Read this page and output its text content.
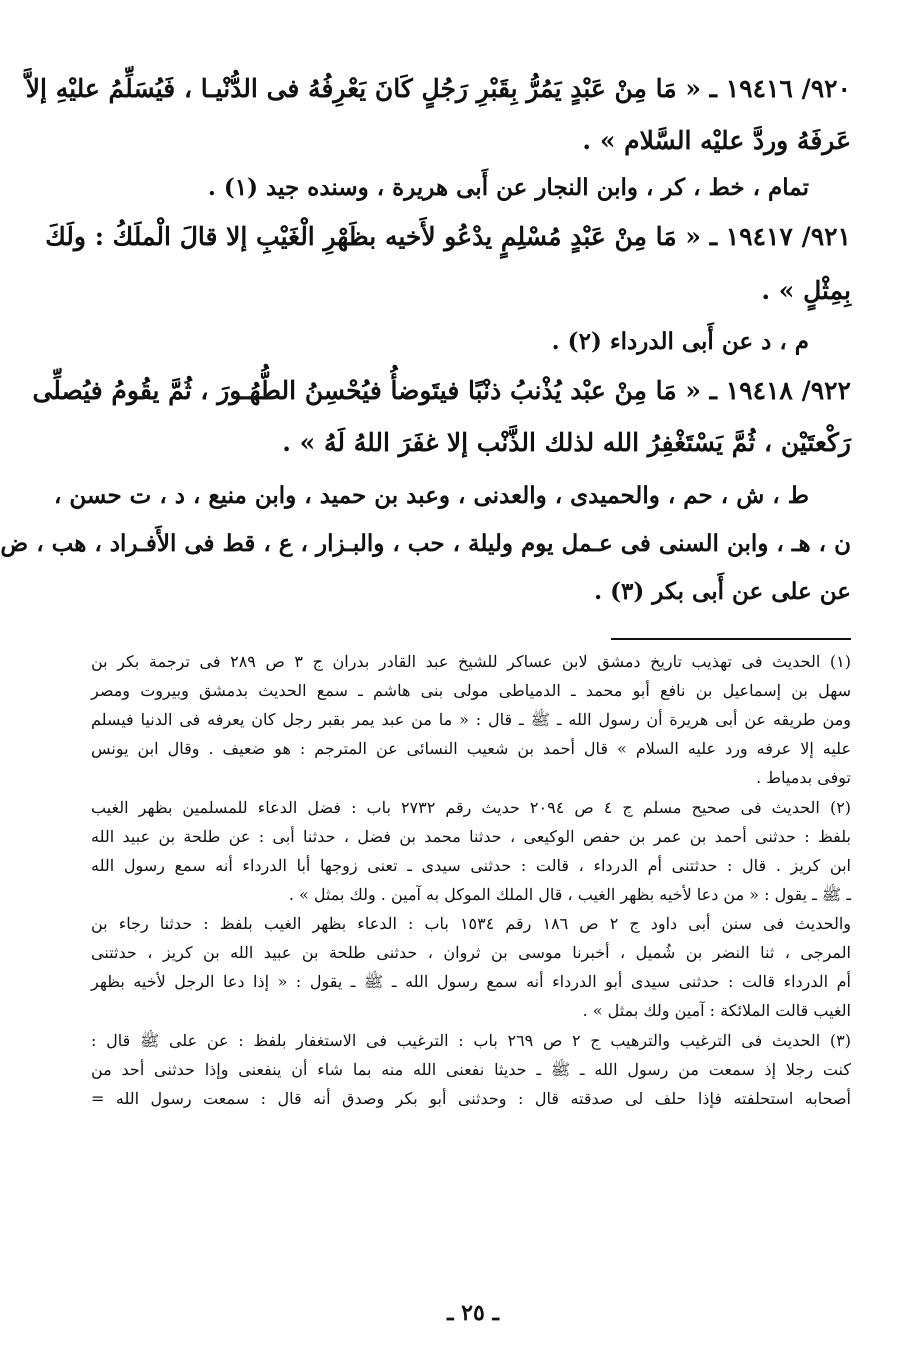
٩٢٠/ ١٩٤١٦ ـ « مَا مِنْ عَبْدٍ يَمُرُّ بِقَبْرِ رَجُلٍ كَانَ يَعْرِفُهُ فى الدُّنْيـا ، فَيُسَلِّمُ عليْهِ إلاَّ
عَرفَهُ وردَّ عليْه السَّلام » .
تمام ، خط ، كر ، وابن النجار عن أَبى هريرة ، وسنده جيد (١) .
٩٢١/ ١٩٤١٧ ـ « مَا مِنْ عَبْدٍ مُسْلِمٍ يدْعُو لأَخيه بظَهْرِ الْغَيْبِ إلا قالَ الْملَكُ : ولَكَ
بِمِثْلٍ » .
م ، د عن أَبى الدرداء (٢) .
٩٢٢/ ١٩٤١٨ ـ « مَا مِنْ عبْد يُذْنبُ ذنْبًا فيتَوضأُ فيُحْسِنُ الطُّهُـورَ ، ثُمَّ يقُومُ فيُصلِّى
رَكْعتَيْن ، ثُمَّ يَسْتَغْفِرُ الله لذلك الذَّنْب إلا غفَرَ اللهُ لَهُ » .
ط ، ش ، حم ، والحميدى ، والعدنى ، وعبد بن حميد ، وابن منيع ، د ، ت حسن ،
ن ، هـ ، وابن السنى فى عـمل يوم وليلة ، حب ، والبـزار ، ع ، قط فى الأَفـراد ، هب ، ض
عن على عن أَبى بكر (٣) .
(١) الحديث فى تهذيب تاريخ دمشق لابن عساكر للشيخ عبد القادر بدران ج ٣ ص ٢٨٩ فى ترجمة بكر بن
سهل بن إسماعيل بن نافع أبو محمد ـ الدمياطى مولى بنى هاشم ـ سمع الحديث بدمشق وبيروت ومصر
ومن طريقه عن أبى هريرة أن رسول الله ـ ﷺ ـ قال : « ما من عبد يمر بقبر رجل كان يعرفه فى الدنيا فيسلم
عليه إلا عرفه ورد عليه السلام » قال أحمد بن شعيب النسائى عن المترجم : هو ضعيف . وقال ابن يونس
توفى بدمياط .
(٢) الحديث فى صحيح مسلم ج ٤ ص ٢٠٩٤ حديث رقم ٢٧٣٢ باب : فضل الدعاء للمسلمين بظهر الغيب
بلفظ : حدثنى أحمد بن عمر بن حفص الوكيعى ، حدثنا محمد بن فضل ، حدثنا أبى : عن طلحة بن عبيد الله
ابن كريز . قال : حدثتنى أم الدرداء ، قالت : حدثنى سيدى ـ تعنى زوجها أبا الدرداء أنه سمع رسول الله
ـ ﷺ ـ يقول : « من دعا لأخيه بظهر الغيب ، قال الملك الموكل به آمين . ولك بمثل » .
والحديث فى سنن أبى داود ج ٢ ص ١٨٦ رقم ١٥٣٤ باب : الدعاء بظهر الغيب بلفظ : حدثنا رجاء بن
المرجى ، ثنا النضر بن شُميل ، أخبرنا موسى بن ثروان ، حدثنى طلحة بن عبيد الله بن كريز ، حدثتنى
أم الدرداء قالت : حدثنى سيدى أبو الدرداء أنه سمع رسول الله ـ ﷺ ـ يقول : « إذا دعا الرجل لأخيه بظهر
الغيب قالت الملائكة : آمين ولك بمثل » .
(٣) الحديث فى الترغيب والترهيب ج ٢ ص ٢٦٩ باب : الترغيب فى الاستغفار بلفظ : عن على ﷺ قال :
كنت رجلا إذ سمعت من رسول الله ـ ﷺ ـ حديثا نفعنى الله منه بما شاء أن ينفعنى وإذا حدثنى أحد من
أصحابه استحلفته فإذا حلف لى صدقته قال : وحدثنى أبو بكر وصدق أنه قال : سمعت رسول الله =
ـ ٢٥ ـ
